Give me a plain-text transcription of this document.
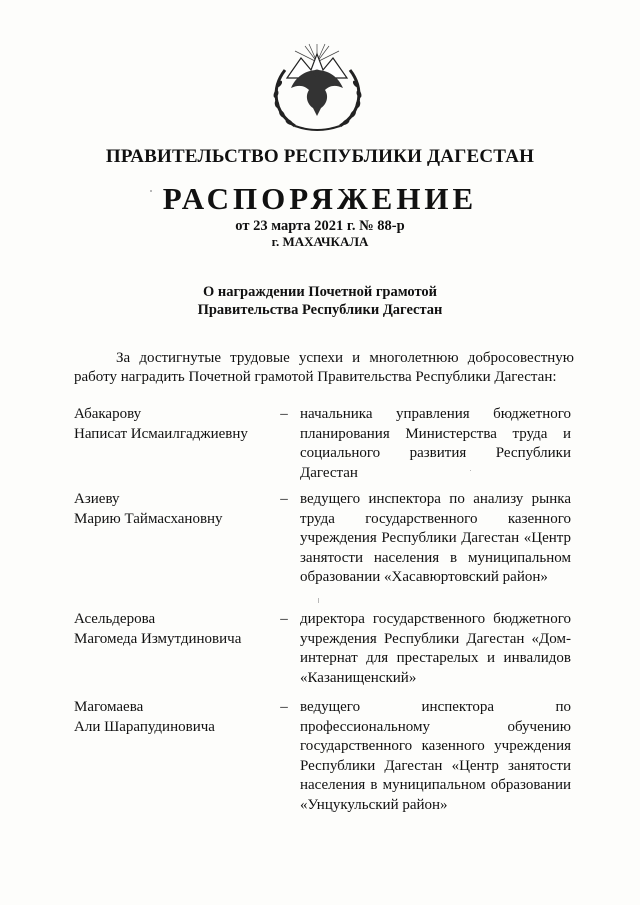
ПРАВИТЕЛЬСТВО РЕСПУБЛИКИ ДАГЕСТАН
РАСПОРЯЖЕНИЕ
от 23 марта 2021 г. № 88-р
г. МАХАЧКАЛА
О награждении Почетной грамотой
Правительства Республики Дагестан
За достигнутые трудовые успехи и многолетнюю добросовестную работу наградить Почетной грамотой Правительства Республики Дагестан:
Абакарову
Написат Исмаилгаджиевну
– начальника управления бюджетного планирования Министерства труда и социального развития Республики Дагестан
Азиеву
Марию Таймасхановну
– ведущего инспектора по анализу рынка труда государственного казенного учреждения Республики Дагестан «Центр занятости населения в муниципальном образовании «Хасавюртовский район»
Асельдерова
Магомеда Измутдиновича
– директора государственного бюджетного учреждения Республики Дагестан «Дом-интернат для престарелых и инвалидов «Казанищенский»
Магомаева
Али Шарапудиновича
– ведущего инспектора по профессиональному обучению государственного казенного учреждения Республики Дагестан «Центр занятости населения в муниципальном образовании «Унцукульский район»
